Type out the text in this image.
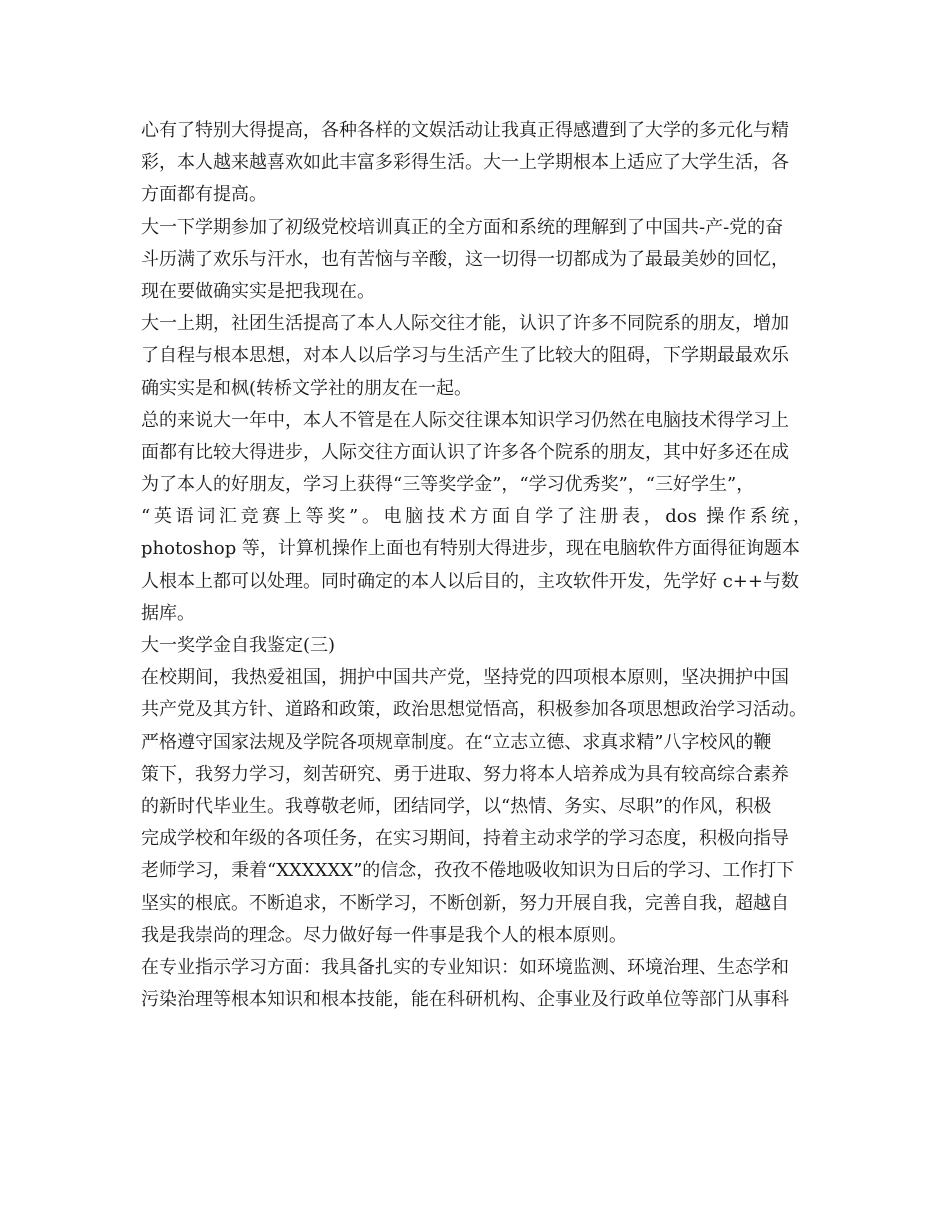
心有了特别大得提高，各种各样的文娱活动让我真正得感遭到了大学的多元化与精
彩，本人越来越喜欢如此丰富多彩得生活。大一上学期根本上适应了大学生活，各
方面都有提高。
大一下学期参加了初级党校培训真正的全方面和系统的理解到了中国共-产-党的奋
斗历满了欢乐与汗水，也有苦恼与辛酸，这一切得一切都成为了最最美妙的回忆，
现在要做确实实是把我现在。
大一上期，社团生活提高了本人人际交往才能，认识了许多不同院系的朋友，增加
了自程与根本思想，对本人以后学习与生活产生了比较大的阻碍，下学期最最欢乐
确实实是和枫(转桥文学社的朋友在一起。
总的来说大一年中，本人不管是在人际交往课本知识学习仍然在电脑技术得学习上
面都有比较大得进步，人际交往方面认识了许多各个院系的朋友，其中好多还在成
为了本人的好朋友，学习上获得“三等奖学金”，“学习优秀奖”，“三好学生”，
“英语词汇竞赛上等奖”。电脑技术方面自学了注册表，dos 操作系统，
photoshop 等，计算机操作上面也有特别大得进步，现在电脑软件方面得征询题本
人根本上都可以处理。同时确定的本人以后目的，主攻软件开发，先学好 c++与数
据库。
大一奖学金自我鉴定(三)
在校期间，我热爱祖国，拥护中国共产党，坚持党的四项根本原则，坚决拥护中国
共产党及其方针、道路和政策，政治思想觉悟高，积极参加各项思想政治学习活动。
严格遵守国家法规及学院各项规章制度。在“立志立德、求真求精”八字校风的鞭
策下，我努力学习，刻苦研究、勇于进取、努力将本人培养成为具有较高综合素养
的新时代毕业生。我尊敬老师，团结同学，以“热情、务实、尽职”的作风，积极
完成学校和年级的各项任务，在实习期间，持着主动求学的学习态度，积极向指导
老师学习，秉着“XXXXXX”的信念，孜孜不倦地吸收知识为日后的学习、工作打下
坚实的根底。不断追求，不断学习，不断创新，努力开展自我，完善自我，超越自
我是我崇尚的理念。尽力做好每一件事是我个人的根本原则。
在专业指示学习方面：我具备扎实的专业知识：如环境监测、环境治理、生态学和
污染治理等根本知识和根本技能，能在科研机构、企事业及行政单位等部门从事科
